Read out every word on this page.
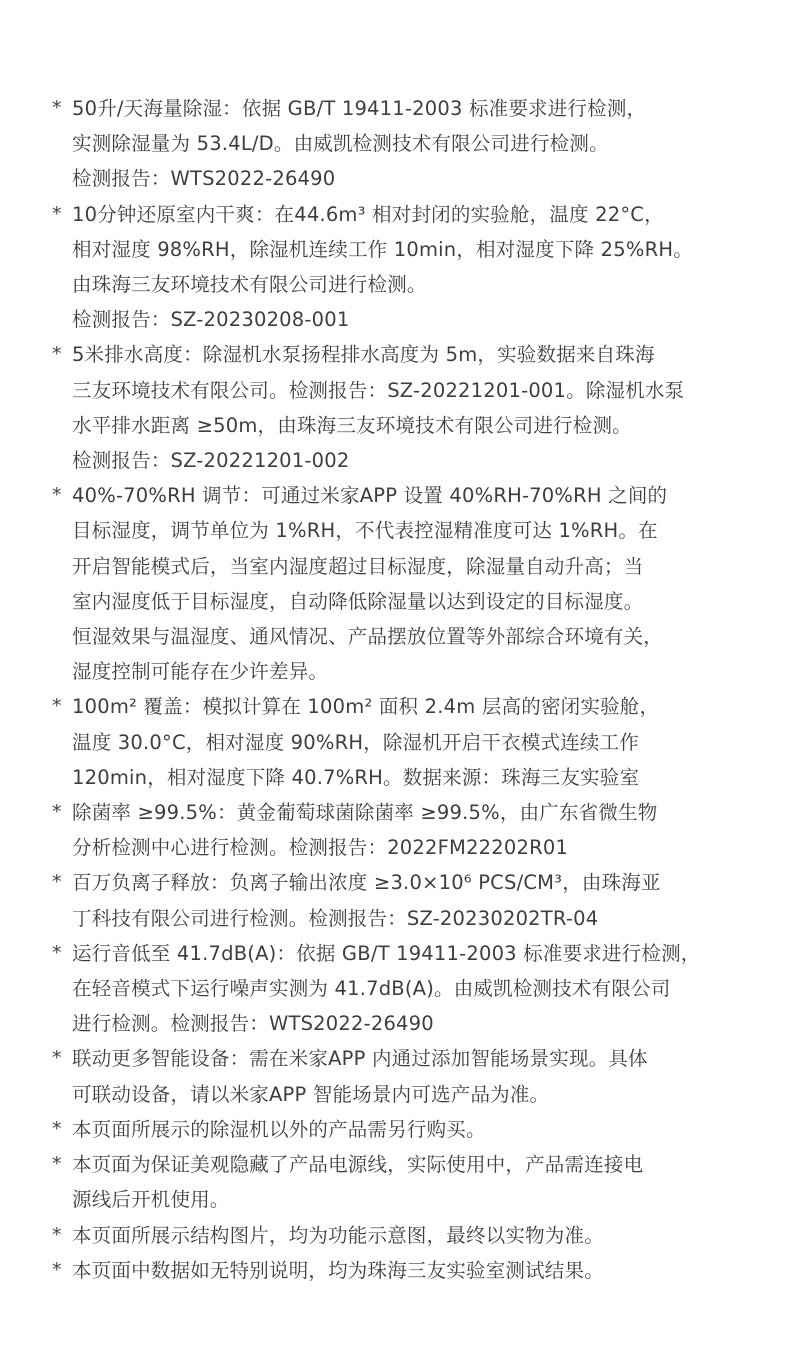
* 50升/天海量除湿：依据 GB/T 19411-2003 标准要求进行检测，
实测除湿量为 53.4L/D。由威凯检测技术有限公司进行检测。
检测报告：WTS2022-26490
* 10分钟还原室内干爽：在44.6m³ 相对封闭的实验舱，温度 22°C，
相对湿度 98%RH，除湿机连续工作 10min，相对湿度下降 25%RH。
由珠海三友环境技术有限公司进行检测。
检测报告：SZ-20230208-001
* 5米排水高度：除湿机水泵扬程排水高度为 5m，实验数据来自珠海
三友环境技术有限公司。检测报告：SZ-20221201-001。除湿机水泵
水平排水距离 ≥50m，由珠海三友环境技术有限公司进行检测。
检测报告：SZ-20221201-002
* 40%-70%RH 调节：可通过米家APP 设置 40%RH-70%RH 之间的
目标湿度，调节单位为 1%RH，不代表控湿精准度可达 1%RH。在
开启智能模式后，当室内湿度超过目标湿度，除湿量自动升高；当
室内湿度低于目标湿度，自动降低除湿量以达到设定的目标湿度。
恒湿效果与温湿度、通风情况、产品摆放位置等外部综合环境有关，
湿度控制可能存在少许差异。
* 100m² 覆盖：模拟计算在 100m² 面积 2.4m 层高的密闭实验舱，
温度 30.0°C，相对湿度 90%RH，除湿机开启干衣模式连续工作
120min，相对湿度下降 40.7%RH。数据来源：珠海三友实验室
* 除菌率 ≥99.5%：黄金葡萄球菌除菌率 ≥99.5%，由广东省微生物
分析检测中心进行检测。检测报告：2022FM22202R01
* 百万负离子释放：负离子输出浓度 ≥3.0×10⁶ PCS/CM³，由珠海亚
丁科技有限公司进行检测。检测报告：SZ-20230202TR-04
* 运行音低至 41.7dB(A)：依据 GB/T 19411-2003 标准要求进行检测，
在轻音模式下运行噪声实测为 41.7dB(A)。由威凯检测技术有限公司
进行检测。检测报告：WTS2022-26490
* 联动更多智能设备：需在米家APP 内通过添加智能场景实现。具体
可联动设备，请以米家APP 智能场景内可选产品为准。
* 本页面所展示的除湿机以外的产品需另行购买。
* 本页面为保证美观隐藏了产品电源线，实际使用中，产品需连接电
源线后开机使用。
* 本页面所展示结构图片，均为功能示意图，最终以实物为准。
* 本页面中数据如无特别说明，均为珠海三友实验室测试结果。
